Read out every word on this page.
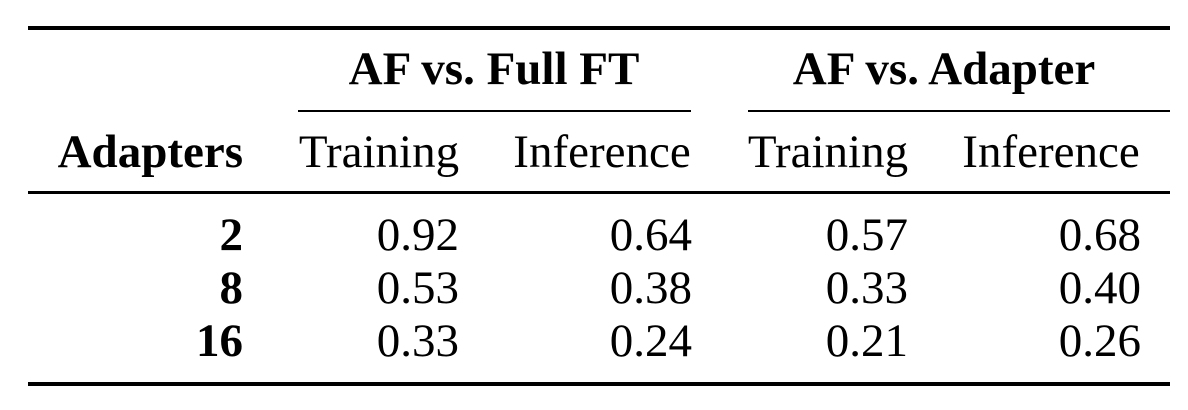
AF vs. Full FT	AF vs. Adapter
Adapters Training Inference Training Inference
2	0.92	0.64	0.57	0.68
8	0.53	0.38	0.33	0.40
16	0.33	0.24	0.21	0.26
